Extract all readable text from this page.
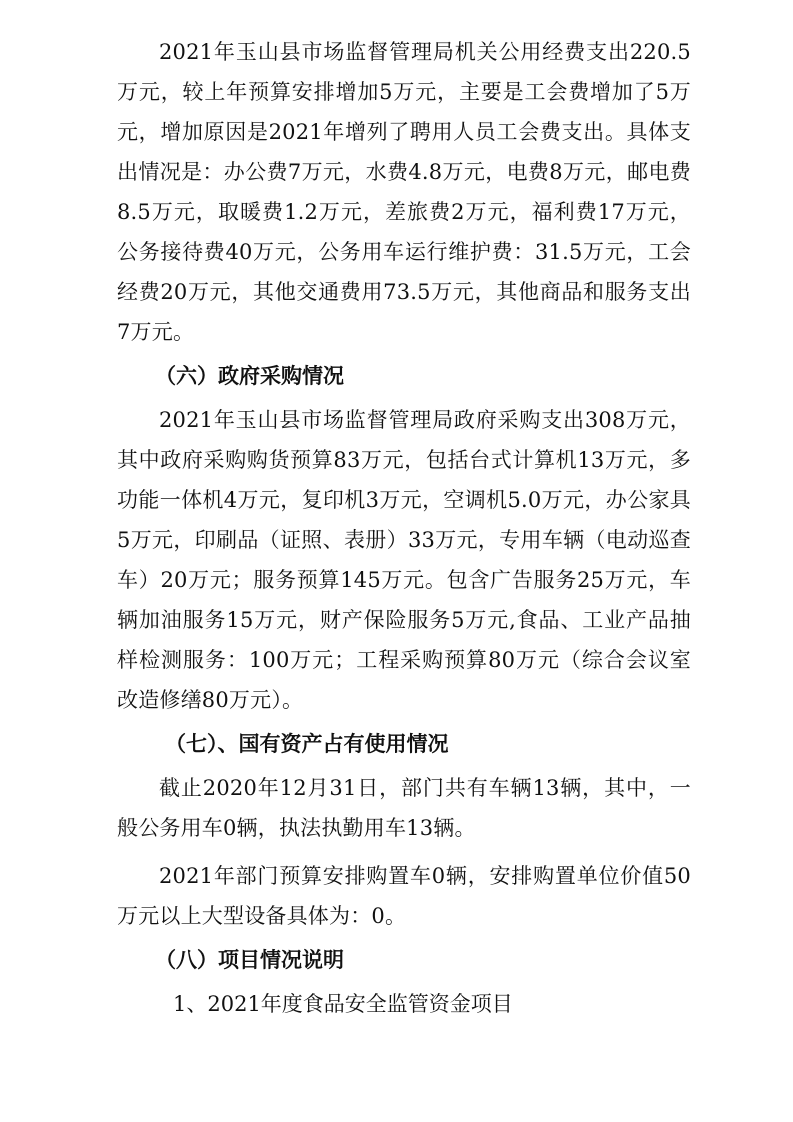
2021年玉山县市场监督管理局机关公用经费支出220.5万元，较上年预算安排增加5万元，主要是工会费增加了5万元，增加原因是2021年增列了聘用人员工会费支出。具体支出情况是：办公费7万元，水费4.8万元，电费8万元，邮电费8.5万元，取暖费1.2万元，差旅费2万元，福利费17万元，公务接待费40万元，公务用车运行维护费：31.5万元，工会经费20万元，其他交通费用73.5万元，其他商品和服务支出7万元。

（六）政府采购情况

2021年玉山县市场监督管理局政府采购支出308万元，其中政府采购购货预算83万元，包括台式计算机13万元，多功能一体机4万元，复印机3万元，空调机5.0万元，办公家具5万元，印刷品（证照、表册）33万元，专用车辆（电动巡查车）20万元；服务预算145万元。包含广告服务25万元，车辆加油服务15万元，财产保险服务5万元,食品、工业产品抽样检测服务：100万元；工程采购预算80万元（综合会议室改造修缮80万元）。

（七）、国有资产占有使用情况

截止2020年12月31日，部门共有车辆13辆，其中，一般公务用车0辆，执法执勤用车13辆。

2021年部门预算安排购置车0辆，安排购置单位价值50万元以上大型设备具体为：0。

（八）项目情况说明

1、2021年度食品安全监管资金项目
